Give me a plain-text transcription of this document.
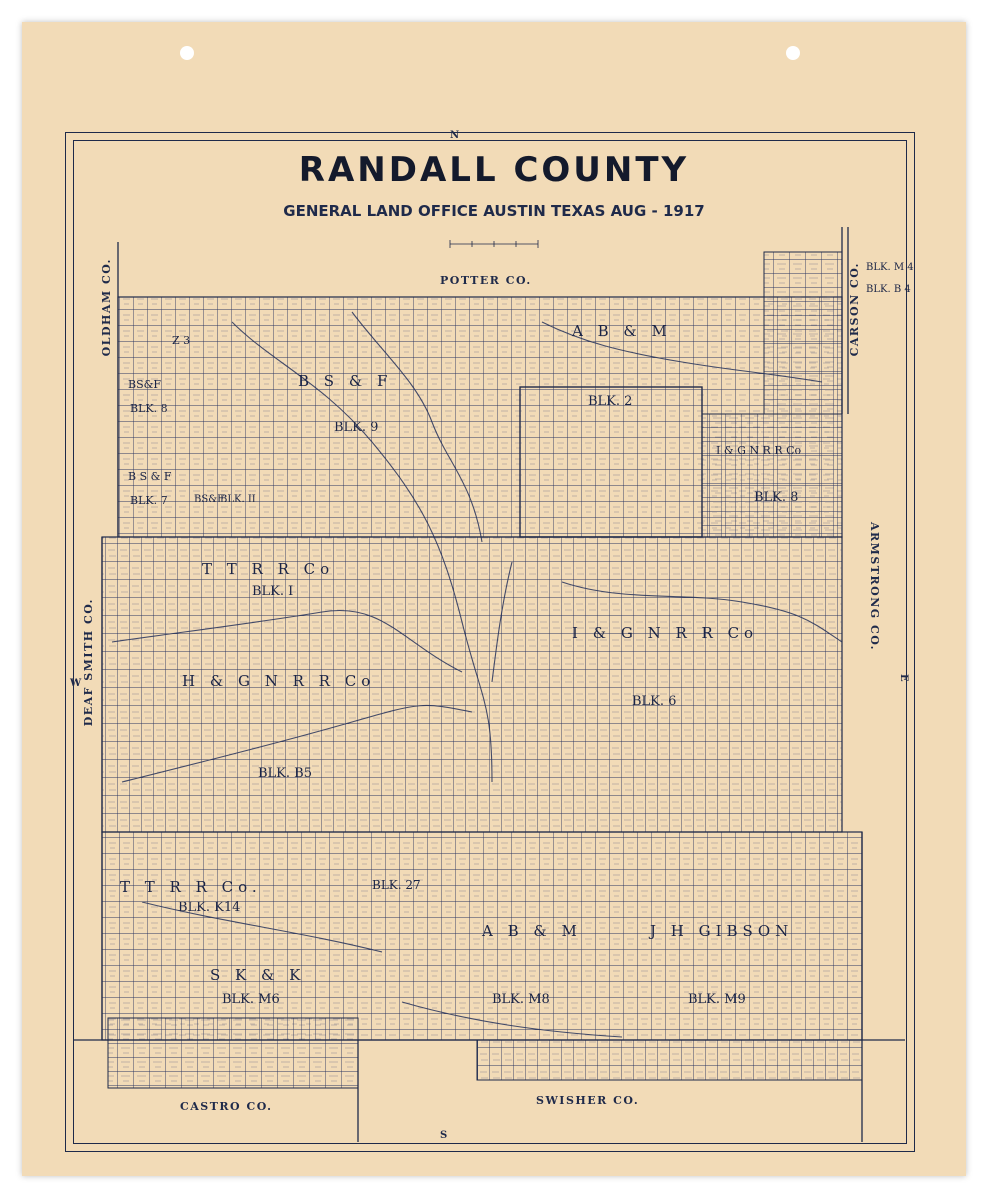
RANDALL COUNTY
GENERAL LAND OFFICE AUSTIN TEXAS AUG - 1917
N
S
W
E
POTTER CO.
OLDHAM CO.	CARSON CO.
ARMSTRONG CO.
DEAF SMITH CO.
CASTRO CO.	SWISHER CO.
BLK. M 4
BLK. B 4
Z 3
A B & M
BLK. 2
B S & F
BLK. 9
BS&F
BLK. 8
B S & F
BLK. 7	BS&F
BLK. II
I & G N R R Co
BLK. 8
T T R R Co
BLK. I
I & G N R R Co
BLK. 6
H & G N R R Co
BLK. B5
T T R R Co.
BLK. K14
BLK. 27
A B & M	J H GIBSON
S K & K
BLK. M6	BLK. M8	BLK. M9
